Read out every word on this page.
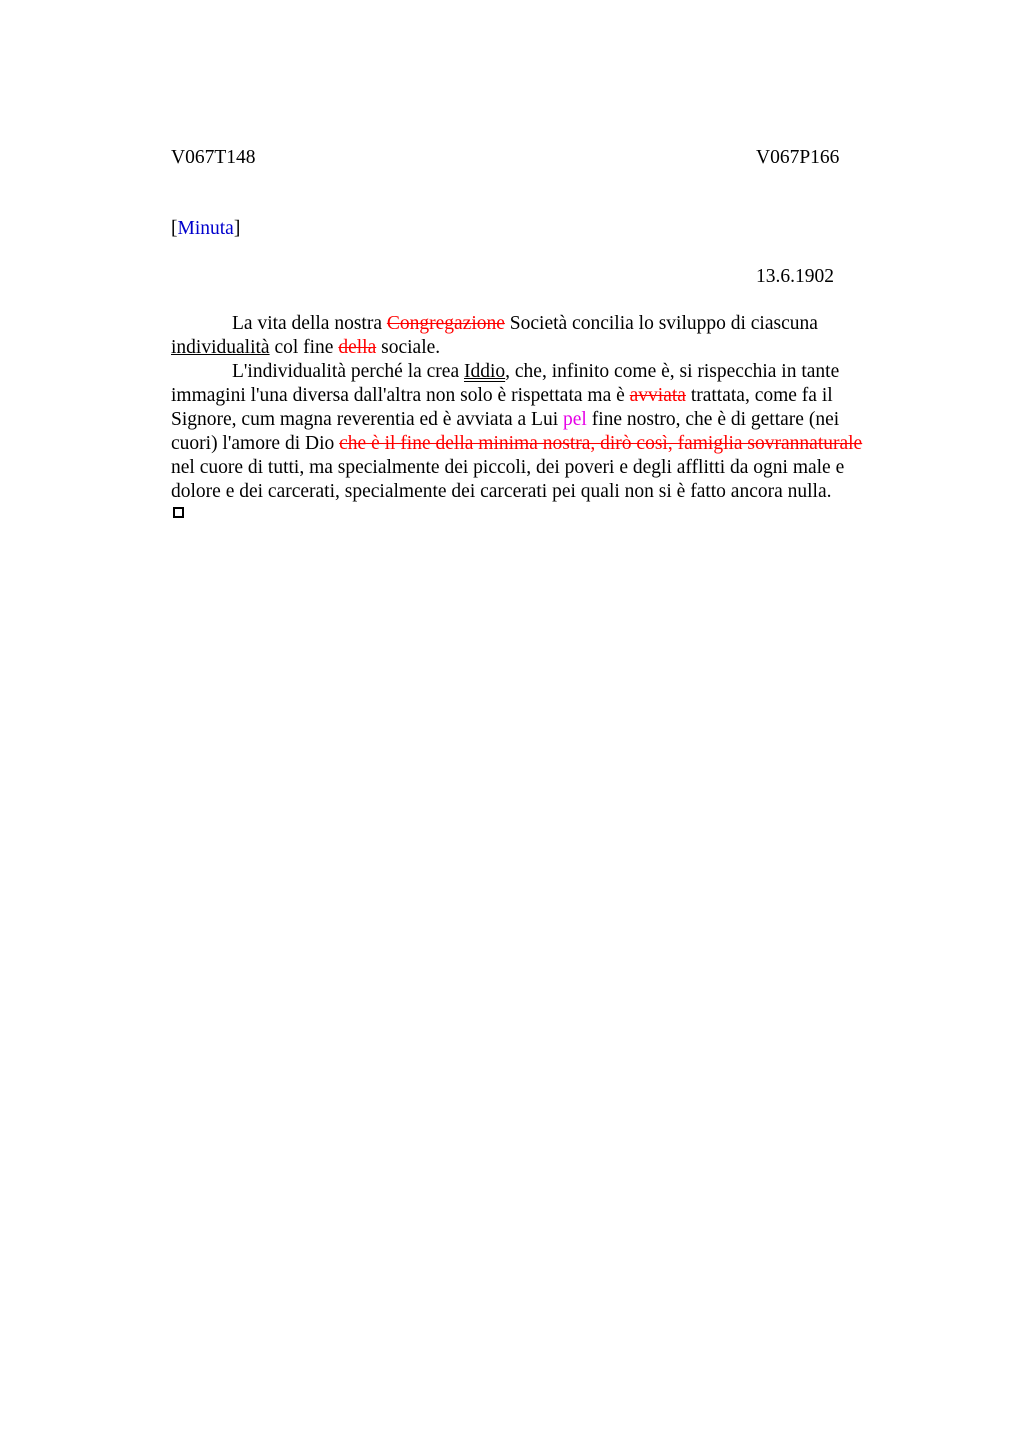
V067T148	V067P166
[Minuta]
13.6.1902

La vita della nostra Congregazione Società concilia lo sviluppo di ciascuna
individualità col fine della sociale.

L'individualità perché la crea Iddio, che, infinito come è, si rispecchia in tante
immagini l'una diversa dall'altra non solo è rispettata ma è avviata trattata, come fa il
Signore, cum magna reverentia ed è avviata a Lui pel fine nostro, che è di gettare (nei
cuori) l'amore di Dio che è il fine della minima nostra, dirò così, famiglia sovrannaturale
nel cuore di tutti, ma specialmente dei piccoli, dei poveri e degli afflitti da ogni male e
dolore e dei carcerati, specialmente dei carcerati pei quali non si è fatto ancora nulla.
